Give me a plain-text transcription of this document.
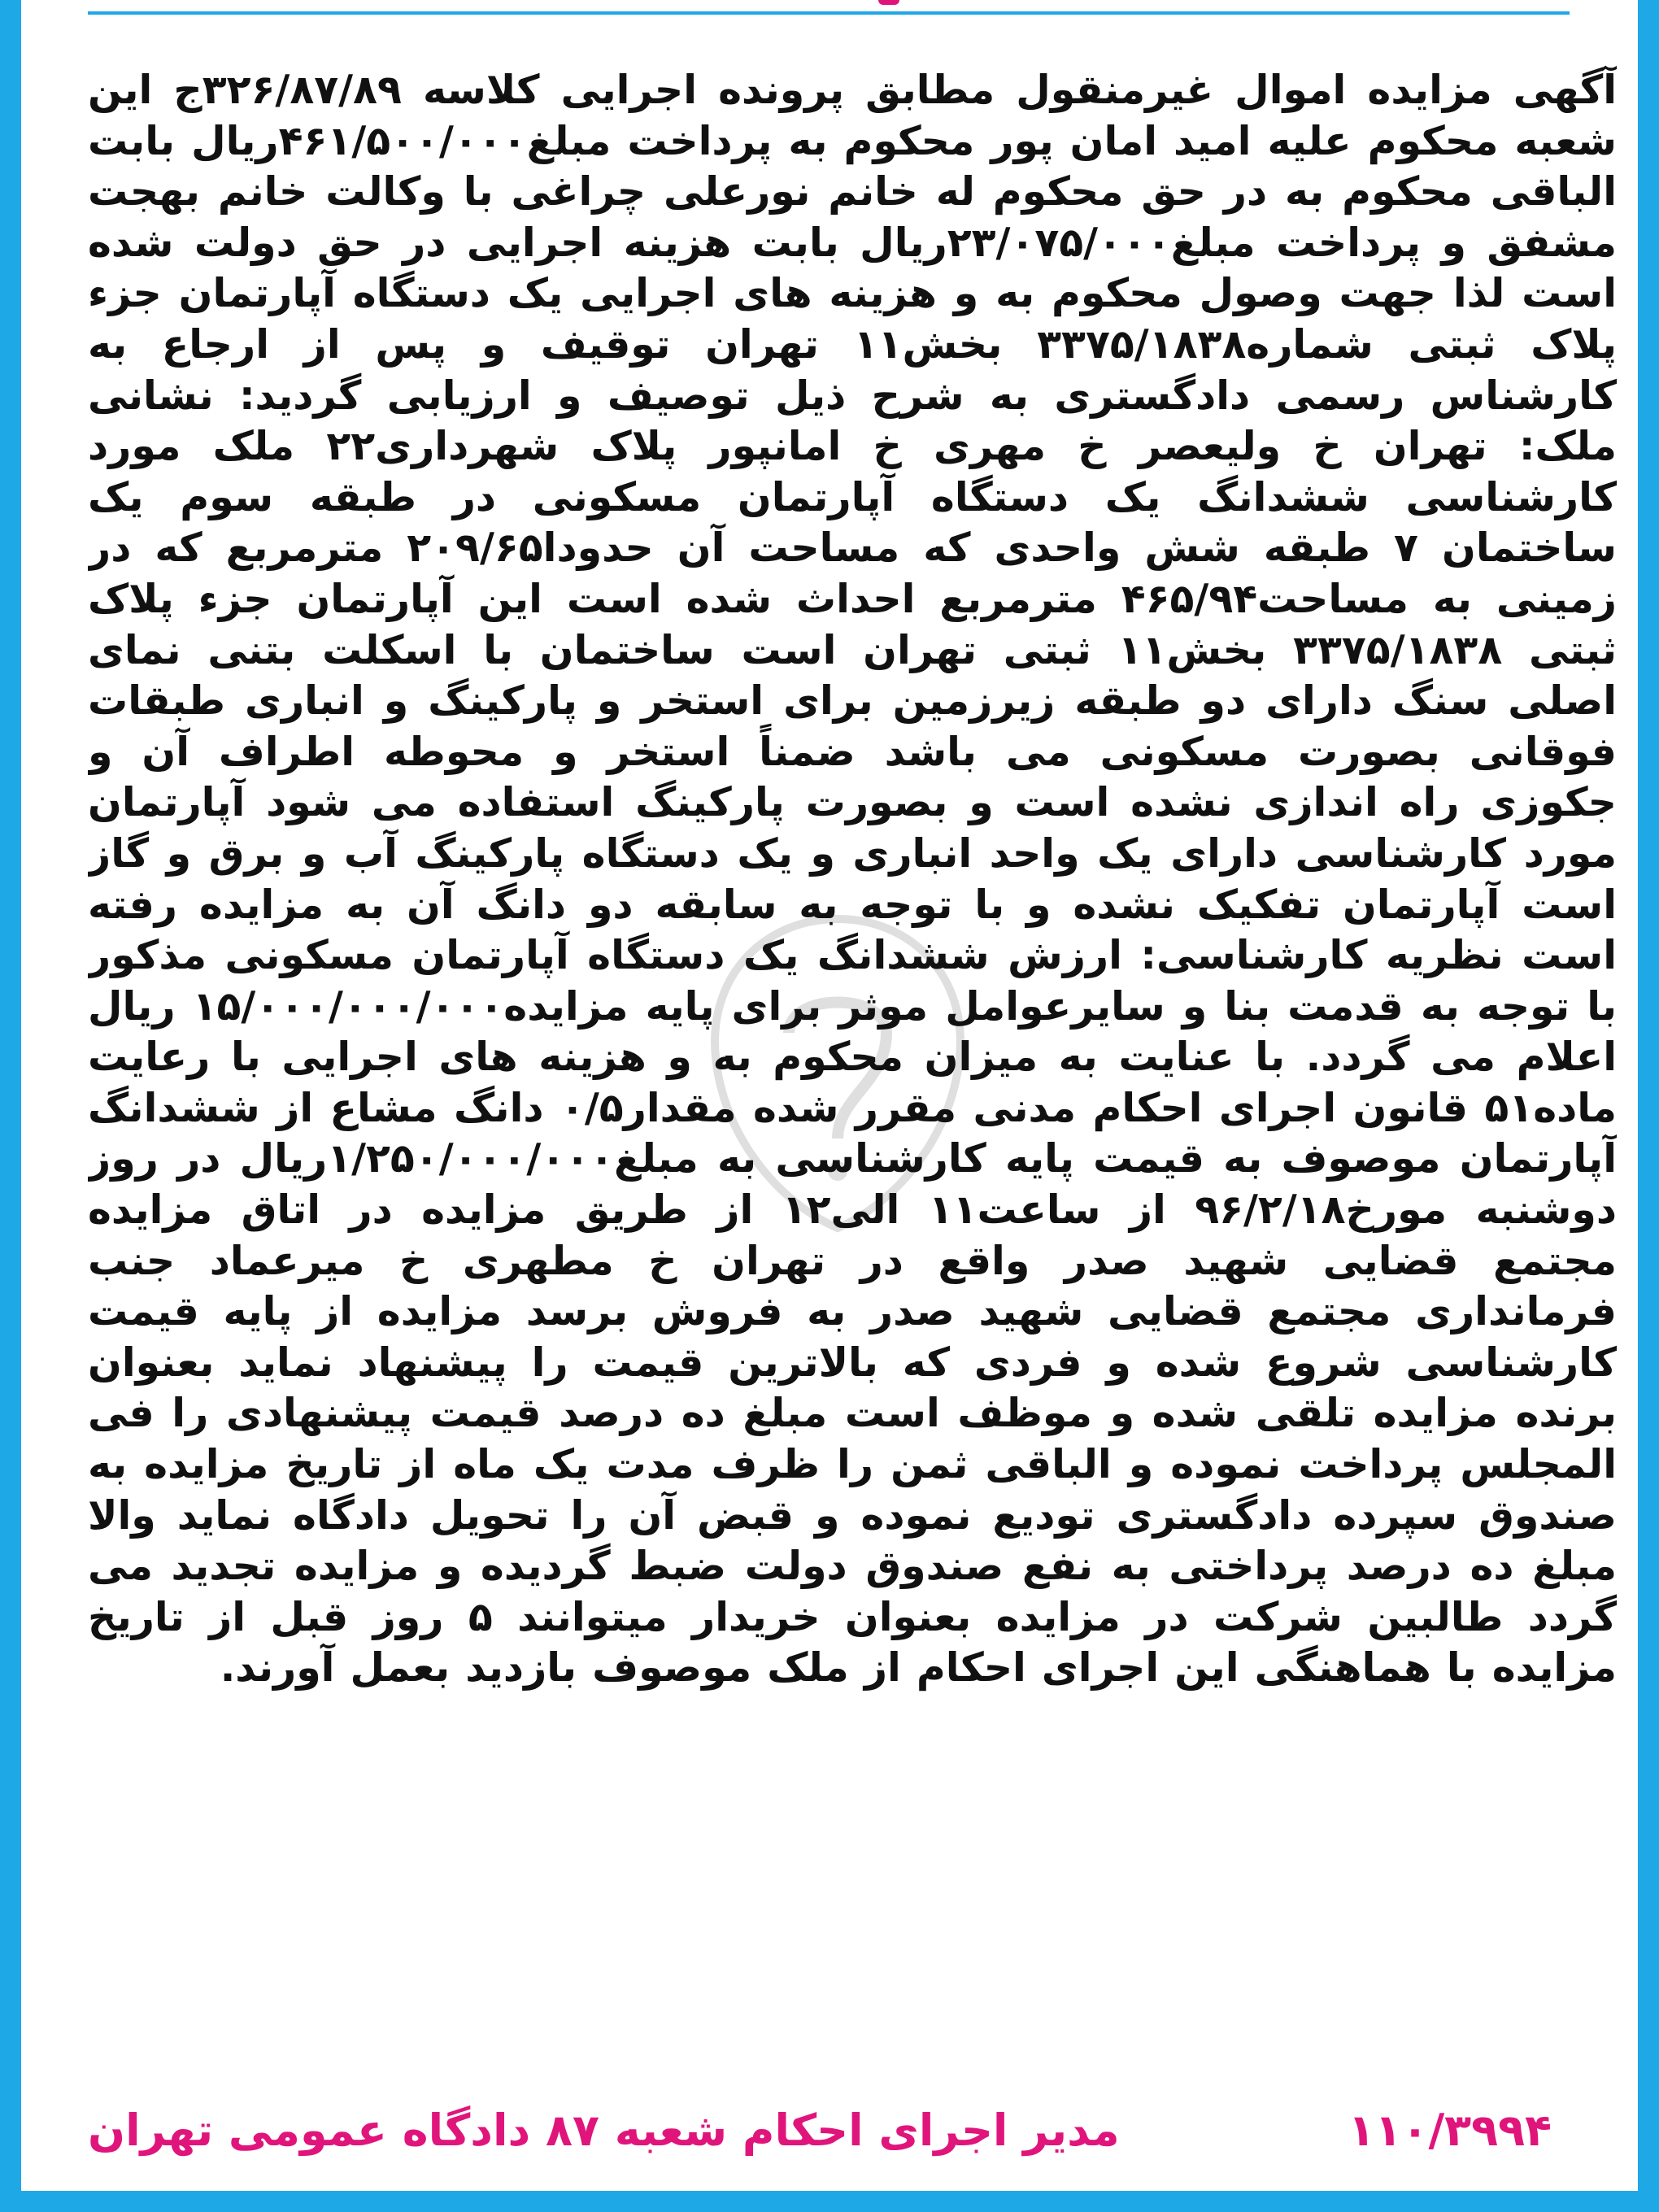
آگهی مزایده اموال غیرمنقول مطابق پرونده اجرایی کلاسه ۳۲۶/۸۷/۸۹ج این شعبه محکوم علیه امید امان پور محکوم به پرداخت مبلغ۴۶۱/۵۰۰/۰۰۰ریال بابت الباقی محکوم به در حق محکوم له خانم نورعلی چراغی با وکالت خانم بهجت مشفق و پرداخت مبلغ۲۳/۰۷۵/۰۰۰ریال بابت هزینه اجرایی در حق دولت شده است لذا جهت وصول محکوم به و هزینه های اجرایی یک دستگاه آپارتمان جزء پلاک ثبتی شماره۳۳۷۵/۱۸۳۸ بخش۱۱ تهران توقیف و پس از ارجاع به کارشناس رسمی دادگستری به شرح ذیل توصیف و ارزیابی گردید: نشانی ملک: تهران خ ولیعصر خ مهری خ امانپور پلاک شهرداری۲۲ ملک مورد کارشناسی ششدانگ یک دستگاه آپارتمان مسکونی در طبقه سوم یک ساختمان ۷ طبقه شش واحدی که مساحت آن حدودا۲۰۹/۶۵ مترمربع که در زمینی به مساحت۴۶۵/۹۴ مترمربع احداث شده است این آپارتمان جزء پلاک ثبتی ۳۳۷۵/۱۸۳۸ بخش۱۱ ثبتی تهران است ساختمان با اسکلت بتنی نمای اصلی سنگ دارای دو طبقه زیرزمین برای استخر و پارکینگ و انباری طبقات فوقانی بصورت مسکونی می باشد ضمناً استخر و محوطه اطراف آن و جکوزی راه اندازی نشده است و بصورت پارکینگ استفاده می شود آپارتمان مورد کارشناسی دارای یک واحد انباری و یک دستگاه پارکینگ آب و برق و گاز است آپارتمان تفکیک نشده و با توجه به سابقه دو دانگ آن به مزایده رفته است نظریه کارشناسی: ارزش ششدانگ یک دستگاه آپارتمان مسکونی مذکور با توجه به قدمت بنا و سایرعوامل موثر برای پایه مزایده۱۵/۰۰۰/۰۰۰/۰۰۰ ریال اعلام می گردد. با عنایت به میزان محکوم به و هزینه های اجرایی با رعایت ماده۵۱ قانون اجرای احکام مدنی مقرر شده مقدار۰/۵ دانگ مشاع از ششدانگ آپارتمان موصوف به قیمت پایه کارشناسی به مبلغ۱/۲۵۰/۰۰۰/۰۰۰ریال در روز دوشنبه مورخ۹۶/۲/۱۸ از ساعت۱۱ الی۱۲ از طریق مزایده در اتاق مزایده مجتمع قضایی شهید صدر واقع در تهران خ مطهری خ میرعماد جنب فرمانداری مجتمع قضایی شهید صدر به فروش برسد مزایده از پایه قیمت کارشناسی شروع شده و فردی که بالاترین قیمت را پیشنهاد نماید بعنوان برنده مزایده تلقی شده و موظف است مبلغ ده درصد قیمت پیشنهادی را فی المجلس پرداخت نموده و الباقی ثمن را ظرف مدت یک ماه از تاریخ مزایده به صندوق سپرده دادگستری تودیع نموده و قبض آن را تحویل دادگاه نماید والا مبلغ ده درصد پرداختی به نفع صندوق دولت ضبط گردیده و مزایده تجدید می گردد طالبین شرکت در مزایده بعنوان خریدار میتوانند ۵ روز قبل از تاریخ مزایده با هماهنگی این اجرای احکام از ملک موصوف بازدید بعمل آورند.
۱۱۰/۳۹۹۴
مدیر اجرای احکام شعبه ۸۷ دادگاه عمومی تهران
